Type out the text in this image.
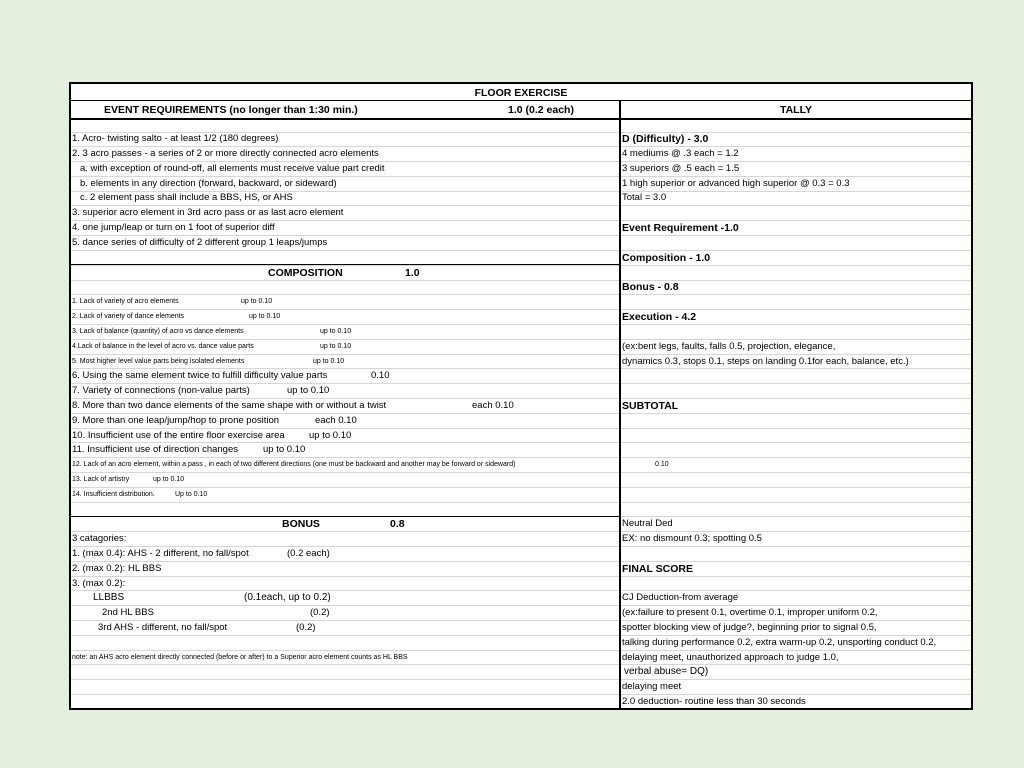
FLOOR EXERCISE
EVENT REQUIREMENTS (no longer than 1:30 min.)	1.0 (0.2 each)
1. Acro- twisting salto - at least 1/2 (180 degrees)
2. 3 acro passes - a series of 2 or more directly connected acro elements
a. with exception of round-off, all elements must receive value part credit
b. elements in any direction (forward, backward, or sideward)
c. 2 element pass shall include a BBS, HS, or AHS
3. superior acro element in 3rd acro pass or as last acro element
4. one jump/leap or turn on 1 foot of superior diff
5. dance series of difficulty of 2 different group 1 leaps/jumps
COMPOSITION	1.0
1. Lack of variety of acro elements	up to 0.10
2. Lack of variety of dance elements	up to 0.10
3. Lack of balance (quantity) of acro vs dance elements	up to 0.10
4.Lack of balance in the level of acro vs. dance value parts	up to 0.10
5. Most higher level value parts being isolated elements	up to 0.10
6. Using the same element twice to fulfill difficulty value parts	0.10
7. Variety of connections (non-value parts)	up to 0.10
8. More than two dance elements of the same shape with or without a twist	each 0.10
9. More than one leap/jump/hop to prone position	each 0.10
10. Insufficient use of the entire floor exercise area	up to 0.10
11. Insufficient use of direction changes	up to 0.10
12. Lack of an acro element, within a pass , in each of two different directions (one must be backward and another may be forward or sideward)	0.10
13. Lack of artistry	up to 0.10
14. Insufficient distribution.	Up to 0.10
BONUS	0.8
3 catagories:
1. (max 0.4): AHS - 2 different, no fall/spot	(0.2 each)
2. (max 0.2): HL BBS
3. (max 0.2):
LLBBS	(0.1each, up to 0.2)
2nd HL BBS	(0.2)
3rd AHS - different, no fall/spot	(0.2)
note: an AHS acro element directly connected (before or after) to a Superior acro element counts as HL BBS
TALLY
D (Difficulty) - 3.0
4 mediums @ .3 each = 1.2
3 superiors @ .5 each = 1.5
1 high superior or advanced high superior @ 0.3 = 0.3
Total = 3.0
Event Requirement -1.0
Composition - 1.0
Bonus - 0.8
Execution - 4.2
(ex:bent legs, faults, falls 0.5, projection, elegance,
dynamics 0.3, stops 0.1, steps on landing 0.1for each, balance, etc.)
SUBTOTAL
Neutral Ded
EX: no dismount 0.3; spotting 0.5
FINAL SCORE
CJ Deduction-from average
(ex:failure to present 0.1, overtime 0.1, improper uniform 0.2,
spotter blocking view of judge?, beginning prior to signal 0.5,
talking during performance 0.2, extra warm-up 0.2, unsporting conduct 0.2,
delaying meet, unauthorized approach to judge 1.0,
verbal abuse= DQ)
delaying meet
2.0 deduction- routine less than 30 seconds
